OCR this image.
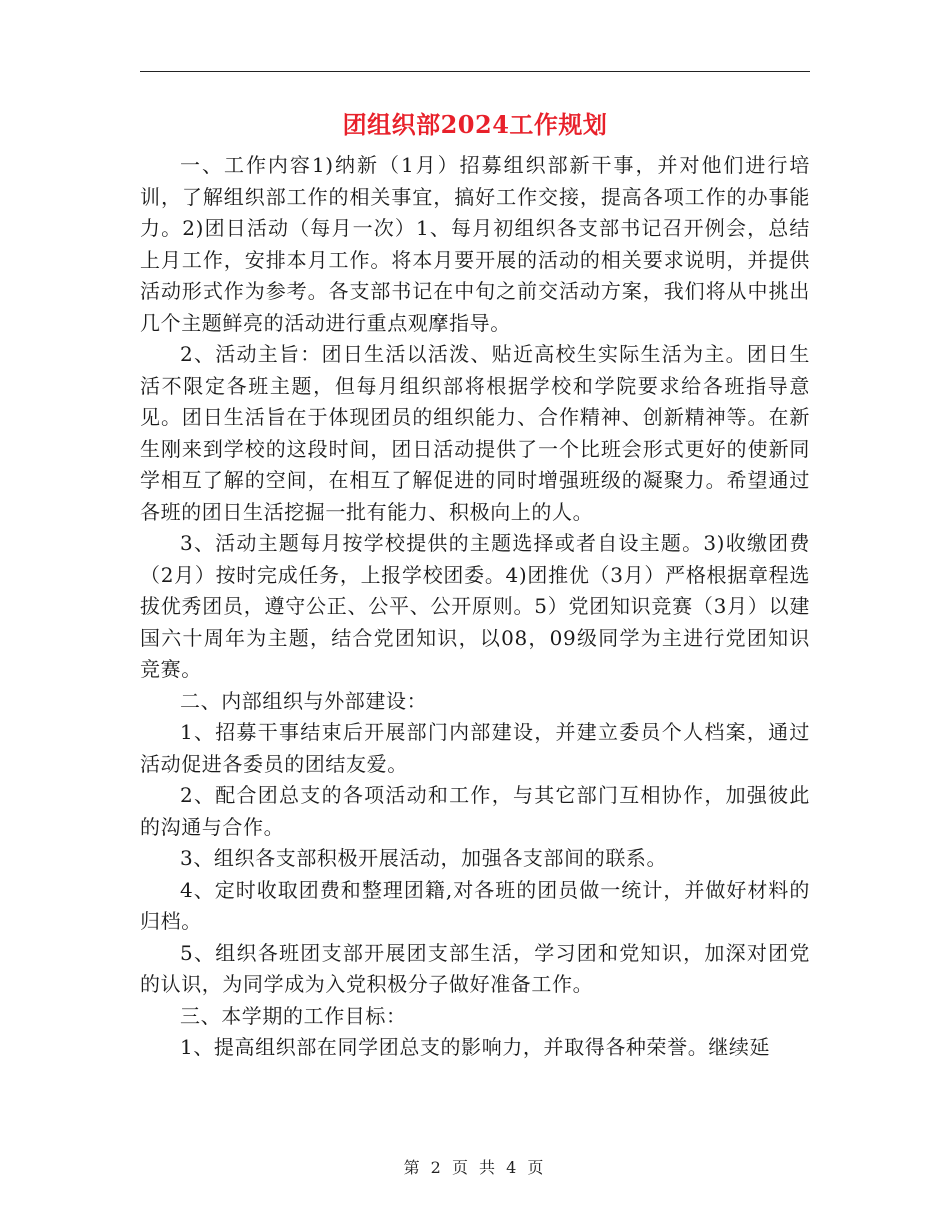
团组织部2024工作规划

一、工作内容1)纳新（1月）招募组织部新干事，并对他们进行培训，了解组织部工作的相关事宜，搞好工作交接，提高各项工作的办事能力。2)团日活动（每月一次）1、每月初组织各支部书记召开例会，总结上月工作，安排本月工作。将本月要开展的活动的相关要求说明，并提供活动形式作为参考。各支部书记在中旬之前交活动方案，我们将从中挑出几个主题鲜亮的活动进行重点观摩指导。

2、活动主旨：团日生活以活泼、贴近高校生实际生活为主。团日生活不限定各班主题，但每月组织部将根据学校和学院要求给各班指导意见。团日生活旨在于体现团员的组织能力、合作精神、创新精神等。在新生刚来到学校的这段时间，团日活动提供了一个比班会形式更好的使新同学相互了解的空间，在相互了解促进的同时增强班级的凝聚力。希望通过各班的团日生活挖掘一批有能力、积极向上的人。

3、活动主题每月按学校提供的主题选择或者自设主题。3)收缴团费（2月）按时完成任务，上报学校团委。4)团推优（3月）严格根据章程选拔优秀团员，遵守公正、公平、公开原则。5）党团知识竞赛（3月）以建国六十周年为主题，结合党团知识，以08，09级同学为主进行党团知识竞赛。

二、内部组织与外部建设：

1、招募干事结束后开展部门内部建设，并建立委员个人档案，通过活动促进各委员的团结友爱。

2、配合团总支的各项活动和工作，与其它部门互相协作，加强彼此的沟通与合作。

3、组织各支部积极开展活动，加强各支部间的联系。

4、定时收取团费和整理团籍,对各班的团员做一统计，并做好材料的归档。

5、组织各班团支部开展团支部生活，学习团和党知识，加深对团党的认识，为同学成为入党积极分子做好准备工作。

三、本学期的工作目标：

1、提高组织部在同学团总支的影响力，并取得各种荣誉。继续延

第 2 页 共 4 页
